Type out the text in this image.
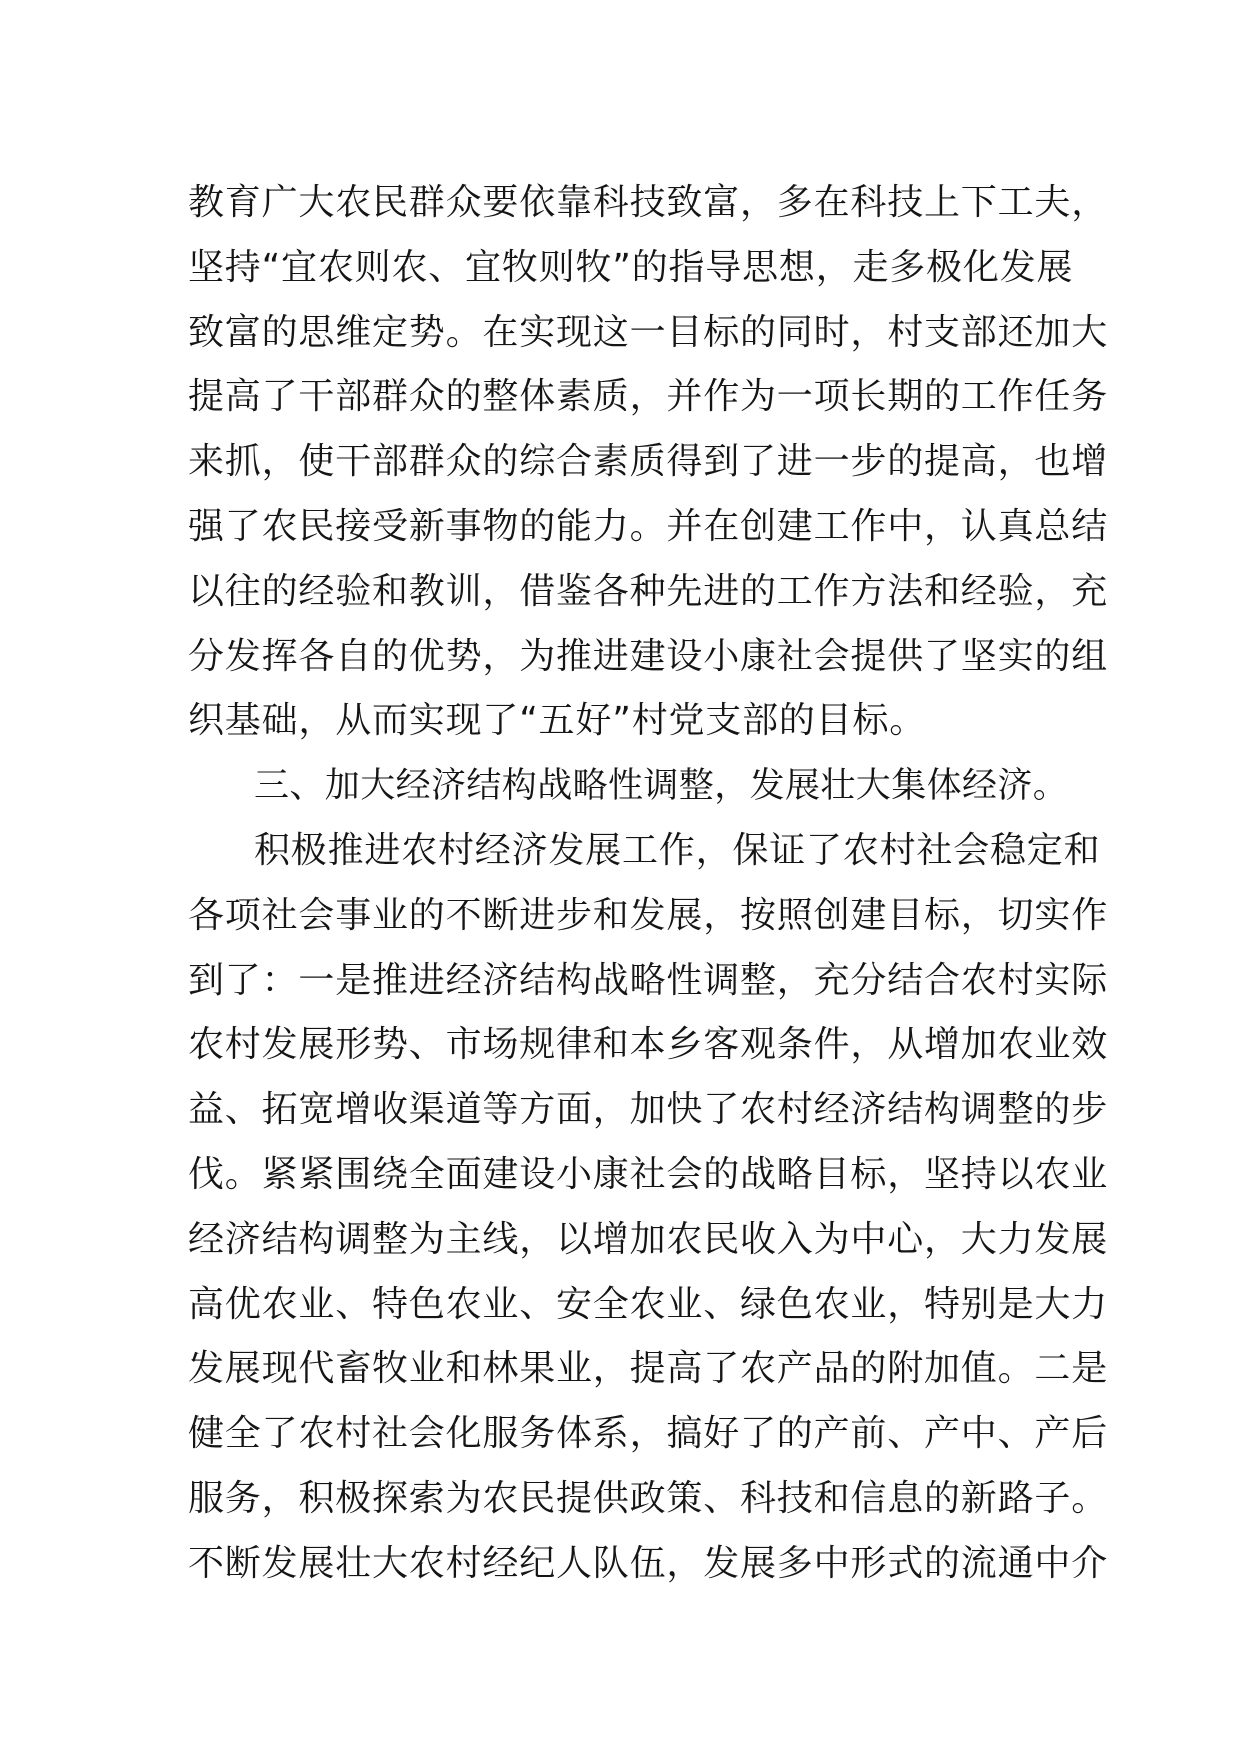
教育广大农民群众要依靠科技致富，多在科技上下工夫，
坚持“宜农则农、宜牧则牧”的指导思想，走多极化发展
致富的思维定势。在实现这一目标的同时，村支部还加大
提高了干部群众的整体素质，并作为一项长期的工作任务
来抓，使干部群众的综合素质得到了进一步的提高，也增
强了农民接受新事物的能力。并在创建工作中，认真总结
以往的经验和教训，借鉴各种先进的工作方法和经验，充
分发挥各自的优势，为推进建设小康社会提供了坚实的组
织基础，从而实现了“五好”村党支部的目标。
三、加大经济结构战略性调整，发展壮大集体经济。
积极推进农村经济发展工作，保证了农村社会稳定和
各项社会事业的不断进步和发展，按照创建目标，切实作
到了：一是推进经济结构战略性调整，充分结合农村实际
农村发展形势、市场规律和本乡客观条件，从增加农业效
益、拓宽增收渠道等方面，加快了农村经济结构调整的步
伐。紧紧围绕全面建设小康社会的战略目标，坚持以农业
经济结构调整为主线，以增加农民收入为中心，大力发展
高优农业、特色农业、安全农业、绿色农业，特别是大力
发展现代畜牧业和林果业，提高了农产品的附加值。二是
健全了农村社会化服务体系，搞好了的产前、产中、产后
服务，积极探索为农民提供政策、科技和信息的新路子。
不断发展壮大农村经纪人队伍，发展多中形式的流通中介
